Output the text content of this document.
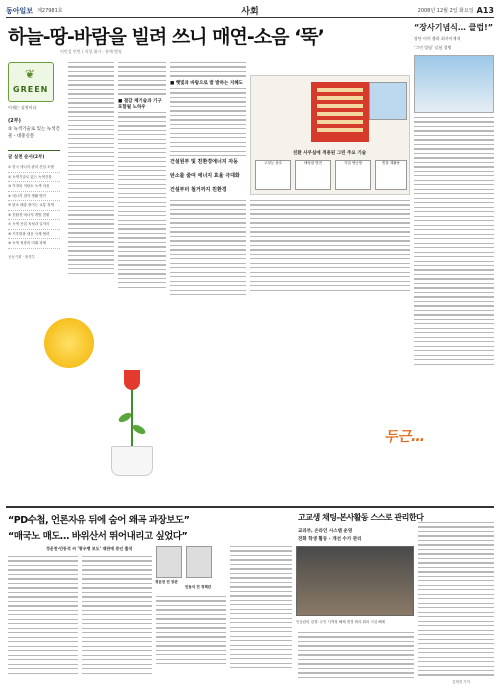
동아일보 제27981호	사회	2008년 12월 2일 화요일 A13
하늘-땅-바람을 빌려 쓰니 매연-소음 ‘뚝’
이민걸 인턴 / 지성 취가 · 홍예 범직
❦
GREEN
이제는 실천이다
(2부)
② 녹색기술로 있는 녹색건물 - 대중신문
글 실천 순서(2부)
① 한국 에너지 관리 건설 모델
② 녹색기술로 있는 녹색건물
③ 가정의 저탄소 녹색 마을
④ 에너지 절약 생활 방안
⑤ 탄소 배출 줄이는 교통 정책
⑥ 친환경 에너지 개발 현황
⑦ 녹색 산업 육성과 일자리
⑧ 기후변화 대응 국제 협력
⑨ 녹색 성장의 미래 과제
공동기획 · 환경부
■ 절감 제기술과 기구 포함될 노하우
■ 햇빛과 바람으로 발 발하는 지혜도
건설원부 및 친환경에너지 자동
탄소를 줄여 에너지 효율 극대화
건설부터 철거까지 친환경
친환 사무실에 적용된 그린 주요 기술
고성능 창호	태양광 발전	지열 냉난방	빗물 재활용
“장사기념식… 클럽!”
장단 이어 출하 최사이계적
‘그린 빌딩’ 실험 경쟁
두근…
“PD수첩, 언론자유 뒤에 숨어 왜곡 과장보도”
“매국노 매도… 바위산서 뛰어내리고 싶었다”
정운천·민동석 씨 ‘광우병 보도’ 재판에 증인 출석
정운천 전 장관
민동석 전 정책관
고교생 채팅-본사활동 스스로 관리한다
교과부, 온라인 시스템 운영
전화 학생 활동 - 개선 수가 관리
인공관리 강경: 무인 사격장 해제 변경 쿼리 회의 시설 해체
김재경 기자
